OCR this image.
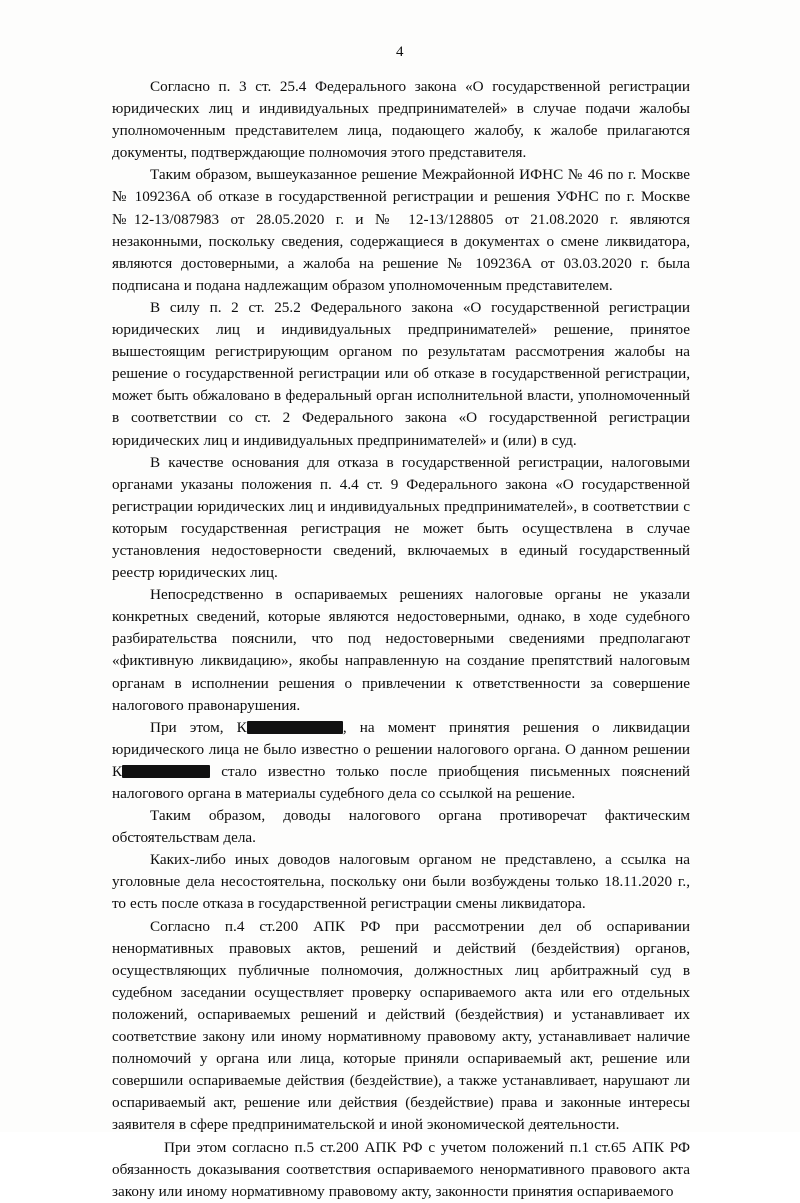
4

Согласно п. 3 ст. 25.4 Федерального закона «О государственной регистрации юридических лиц и индивидуальных предпринимателей» в случае подачи жалобы уполномоченным представителем лица, подающего жалобу, к жалобе прилагаются документы, подтверждающие полномочия этого представителя.

Таким образом, вышеуказанное решение Межрайонной ИФНС № 46 по г. Москве № 109236А об отказе в государственной регистрации и решения УФНС по г. Москве №12-13/087983 от 28.05.2020 г. и № 12-13/128805 от 21.08.2020 г. являются незаконными, поскольку сведения, содержащиеся в документах о смене ликвидатора, являются достоверными, а жалоба на решение № 109236А от 03.03.2020 г. была подписана и подана надлежащим образом уполномоченным представителем.

В силу п. 2 ст. 25.2 Федерального закона «О государственной регистрации юридических лиц и индивидуальных предпринимателей» решение, принятое вышестоящим регистрирующим органом по результатам рассмотрения жалобы на решение о государственной регистрации или об отказе в государственной регистрации, может быть обжаловано в федеральный орган исполнительной власти, уполномоченный в соответствии со ст. 2 Федерального закона «О государственной регистрации юридических лиц и индивидуальных предпринимателей» и (или) в суд.

В качестве основания для отказа в государственной регистрации, налоговыми органами указаны положения п. 4.4 ст. 9 Федерального закона «О государственной регистрации юридических лиц и индивидуальных предпринимателей», в соответствии с которым государственная регистрация не может быть осуществлена в случае установления недостоверности сведений, включаемых в единый государственный реестр юридических лиц.

Непосредственно в оспариваемых решениях налоговые органы не указали конкретных сведений, которые являются недостоверными, однако, в ходе судебного разбирательства пояснили, что под недостоверными сведениями предполагают «фиктивную ликвидацию», якобы направленную на создание препятствий налоговым органам в исполнении решения о привлечении к ответственности за совершение налогового правонарушения.

При этом, К	, на момент принятия решения о ликвидации юридического лица не было известно о решении налогового органа. О данном решении К	стало известно только после приобщения письменных пояснений налогового органа в материалы судебного дела со ссылкой на решение.

Таким образом, доводы налогового органа противоречат фактическим обстоятельствам дела.

Каких-либо иных доводов налоговым органом не представлено, а ссылка на уголовные дела несостоятельна, поскольку они были возбуждены только 18.11.2020 г., то есть после отказа в государственной регистрации смены ликвидатора.

Согласно п.4 ст.200 АПК РФ при рассмотрении дел об оспаривании ненормативных правовых актов, решений и действий (бездействия) органов, осуществляющих публичные полномочия, должностных лиц арбитражный суд в судебном заседании осуществляет проверку оспариваемого акта или его отдельных положений, оспариваемых решений и действий (бездействия) и устанавливает их соответствие закону или иному нормативному правовому акту, устанавливает наличие полномочий у органа или лица, которые приняли оспариваемый акт, решение или совершили оспариваемые действия (бездействие), а также устанавливает, нарушают ли оспариваемый акт, решение или действия (бездействие) права и законные интересы заявителя в сфере предпринимательской и иной экономической деятельности.

При этом согласно п.5 ст.200 АПК РФ с учетом положений п.1 ст.65 АПК РФ обязанность доказывания соответствия оспариваемого ненормативного правового акта закону или иному нормативному правовому акту, законности принятия оспариваемого
